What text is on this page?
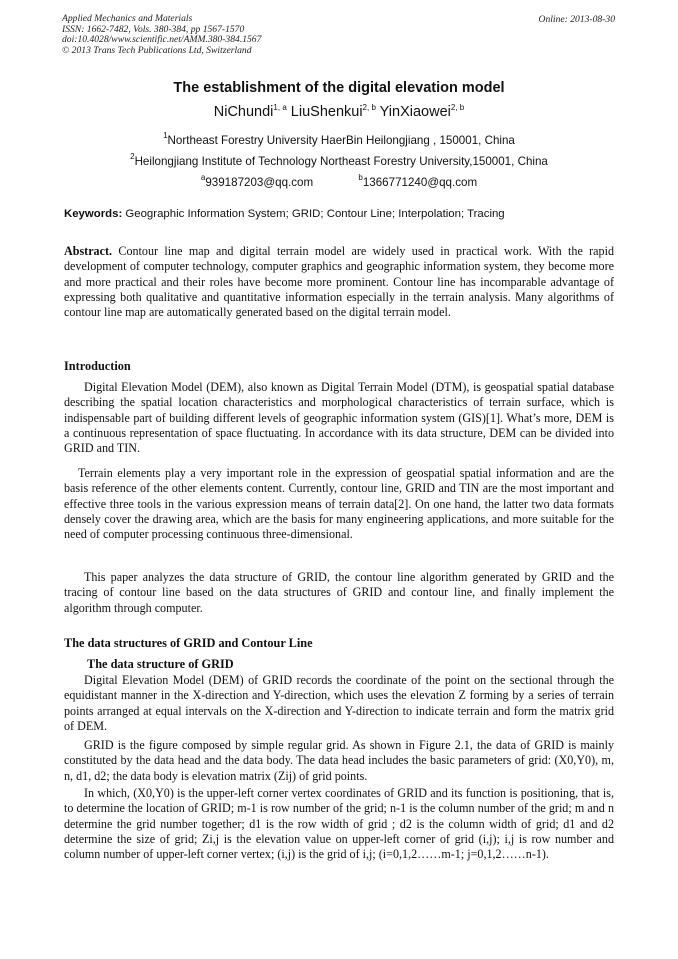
Applied Mechanics and Materials
ISSN: 1662-7482, Vols. 380-384, pp 1567-1570
doi:10.4028/www.scientific.net/AMM.380-384.1567
© 2013 Trans Tech Publications Ltd, Switzerland
Online: 2013-08-30
The establishment of the digital elevation model
NiChundi$^{1, a}$ LiuShenkui$^{2, b}$ YinXiaowei$^{2, b}$
$^1$Northeast Forestry University HaerBin Heilongjiang , 150001, China
$^2$Heilongjiang Institute of Technology Northeast Forestry University,150001, China
$^a$939187203@qq.com	$^b$1366771240@qq.com
Keywords: Geographic Information System; GRID; Contour Line; Interpolation; Tracing
Abstract. Contour line map and digital terrain model are widely used in practical work. With the rapid development of computer technology, computer graphics and geographic information system, they become more and more practical and their roles have become more prominent. Contour line has incomparable advantage of expressing both qualitative and quantitative information especially in the terrain analysis. Many algorithms of contour line map are automatically generated based on the digital terrain model.
Introduction
Digital Elevation Model (DEM), also known as Digital Terrain Model (DTM), is geospatial spatial database describing the spatial location characteristics and morphological characteristics of terrain surface, which is indispensable part of building different levels of geographic information system (GIS)[1]. What’s more, DEM is a continuous representation of space fluctuating. In accordance with its data structure, DEM can be divided into GRID and TIN.
Terrain elements play a very important role in the expression of geospatial spatial information and are the basis reference of the other elements content. Currently, contour line, GRID and TIN are the most important and effective three tools in the various expression means of terrain data[2]. On one hand, the latter two data formats densely cover the drawing area, which are the basis for many engineering applications, and more suitable for the need of computer processing continuous three-dimensional.
This paper analyzes the data structure of GRID, the contour line algorithm generated by GRID and the tracing of contour line based on the data structures of GRID and contour line, and finally implement the algorithm through computer.
The data structures of GRID and Contour Line
The data structure of GRID
Digital Elevation Model (DEM) of GRID records the coordinate of the point on the sectional through the equidistant manner in the X-direction and Y-direction, which uses the elevation Z forming by a series of terrain points arranged at equal intervals on the X-direction and Y-direction to indicate terrain and form the matrix grid of DEM.
GRID is the figure composed by simple regular grid. As shown in Figure 2.1, the data of GRID is mainly constituted by the data head and the data body. The data head includes the basic parameters of grid: (X0,Y0), m, n, d1, d2; the data body is elevation matrix (Zij) of grid points.
In which, (X0,Y0) is the upper-left corner vertex coordinates of GRID and its function is positioning, that is, to determine the location of GRID; m-1 is row number of the grid; n-1 is the column number of the grid; m and n determine the grid number together; d1 is the row width of grid ; d2 is the column width of grid; d1 and d2 determine the size of grid; Zi,j is the elevation value on upper-left corner of grid (i,j); i,j is row number and column number of upper-left corner vertex; (i,j) is the grid of i,j; (i=0,1,2……m-1; j=0,1,2……n-1).
